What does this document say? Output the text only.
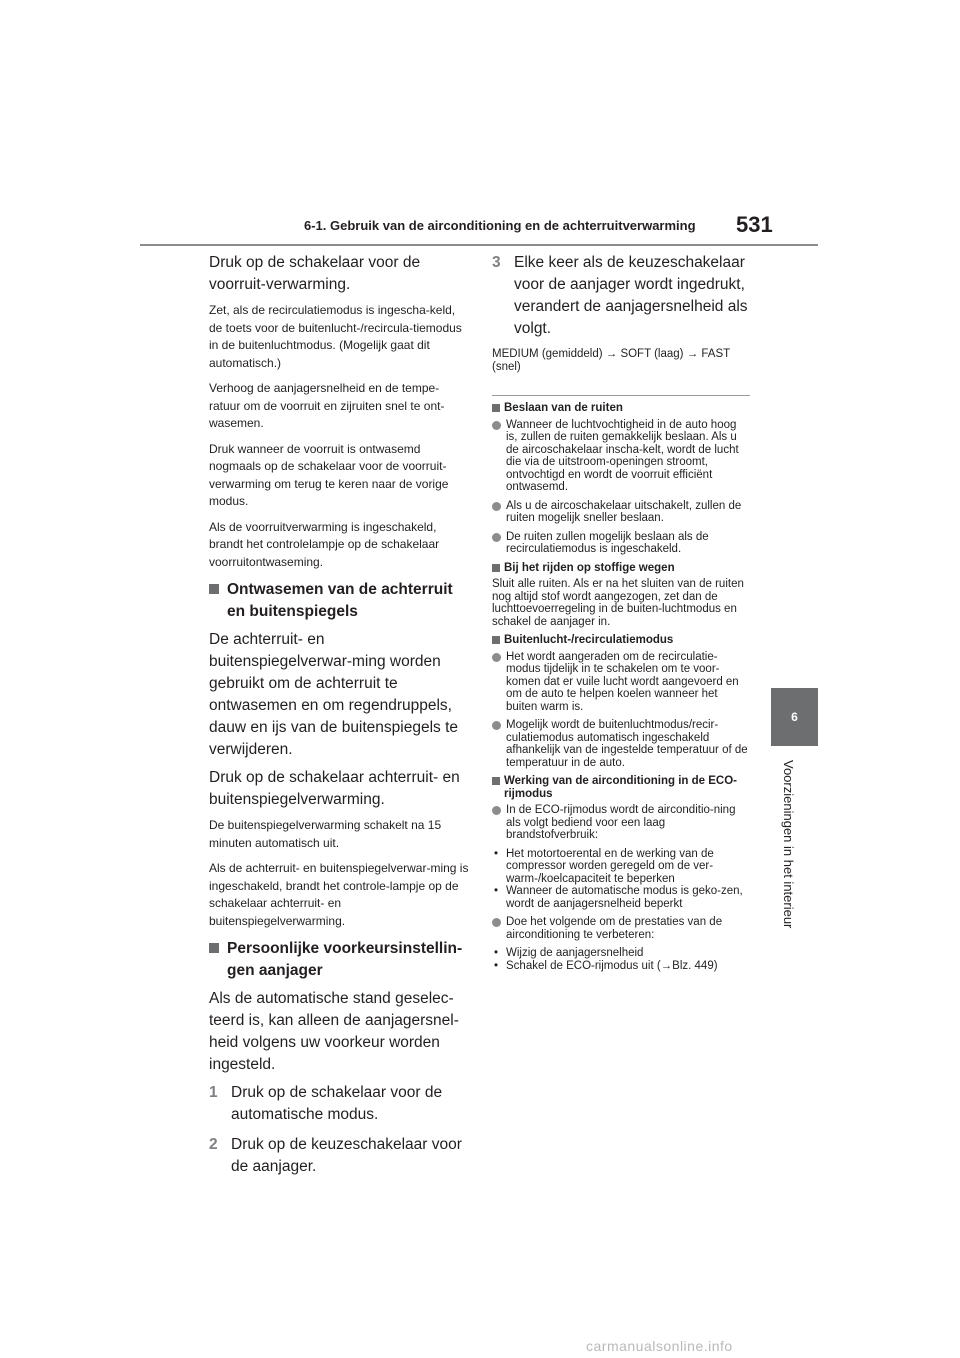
6-1. Gebruik van de airconditioning en de achterruitverwarming 531
6
Voorzieningen in het interieur

Druk op de schakelaar voor de voorruit-verwarming.

Zet, als de recirculatiemodus is ingescha-keld, de toets voor de buitenlucht-/recircula-tiemodus in de buitenluchtmodus. (Mogelijk gaat dit automatisch.)

Verhoog de aanjagersnelheid en de tempe-ratuur om de voorruit en zijruiten snel te ont-wasemen.

Druk wanneer de voorruit is ontwasemd nogmaals op de schakelaar voor de voorruit-verwarming om terug te keren naar de vorige modus.

Als de voorruitverwarming is ingeschakeld, brandt het controlelampje op de schakelaar voorruitontwaseming.

Ontwasemen van de achterruit en buitenspiegels

De achterruit- en buitenspiegelverwar-ming worden gebruikt om de achterruit te ontwasemen en om regendruppels, dauw en ijs van de buitenspiegels te verwijderen.

Druk op de schakelaar achterruit- en buitenspiegelverwarming.

De buitenspiegelverwarming schakelt na 15 minuten automatisch uit.

Als de achterruit- en buitenspiegelverwar-ming is ingeschakeld, brandt het controle-lampje op de schakelaar achterruit- en buitenspiegelverwarming.

Persoonlijke voorkeursinstellin-gen aanjager

Als de automatische stand geselec-teerd is, kan alleen de aanjagersnel-heid volgens uw voorkeur worden ingesteld.

1 Druk op de schakelaar voor de automatische modus.
2 Druk op de keuzeschakelaar voor de aanjager.
3 Elke keer als de keuzeschakelaar voor de aanjager wordt ingedrukt, verandert de aanjagersnelheid als volgt.

MEDIUM (gemiddeld) → SOFT (laag) → FAST (snel)

Beslaan van de ruiten
Wanneer de luchtvochtigheid in de auto hoog is, zullen de ruiten gemakkelijk beslaan. Als u de aircoschakelaar inscha-kelt, wordt de lucht die via de uitstroom-openingen stroomt, ontvochtigd en wordt de voorruit efficiënt ontwasemd.
Als u de aircoschakelaar uitschakelt, zullen de ruiten mogelijk sneller beslaan.
De ruiten zullen mogelijk beslaan als de recirculatiemodus is ingeschakeld.
Bij het rijden op stoffige wegen

Sluit alle ruiten. Als er na het sluiten van de ruiten nog altijd stof wordt aangezogen, zet dan de luchttoevoerregeling in de buiten-luchtmodus en schakel de aanjager in.

Buitenlucht-/recirculatiemodus
Het wordt aangeraden om de recirculatie-modus tijdelijk in te schakelen om te voor-komen dat er vuile lucht wordt aangevoerd en om de auto te helpen koelen wanneer het buiten warm is.
Mogelijk wordt de buitenluchtmodus/recir-culatiemodus automatisch ingeschakeld afhankelijk van de ingestelde temperatuur of de temperatuur in de auto.
Werking van de airconditioning in de ECO-rijmodus
In de ECO-rijmodus wordt de airconditio-ning als volgt bediend voor een laag brandstofverbruik:
• Het motortoerental en de werking van de compressor worden geregeld om de ver-warm-/koelcapaciteit te beperken
• Wanneer de automatische modus is geko-zen, wordt de aanjagersnelheid beperkt
Doe het volgende om de prestaties van de airconditioning te verbeteren:
• Wijzig de aanjagersnelheid
• Schakel de ECO-rijmodus uit (→Blz. 449)
carmanualsonline.info
